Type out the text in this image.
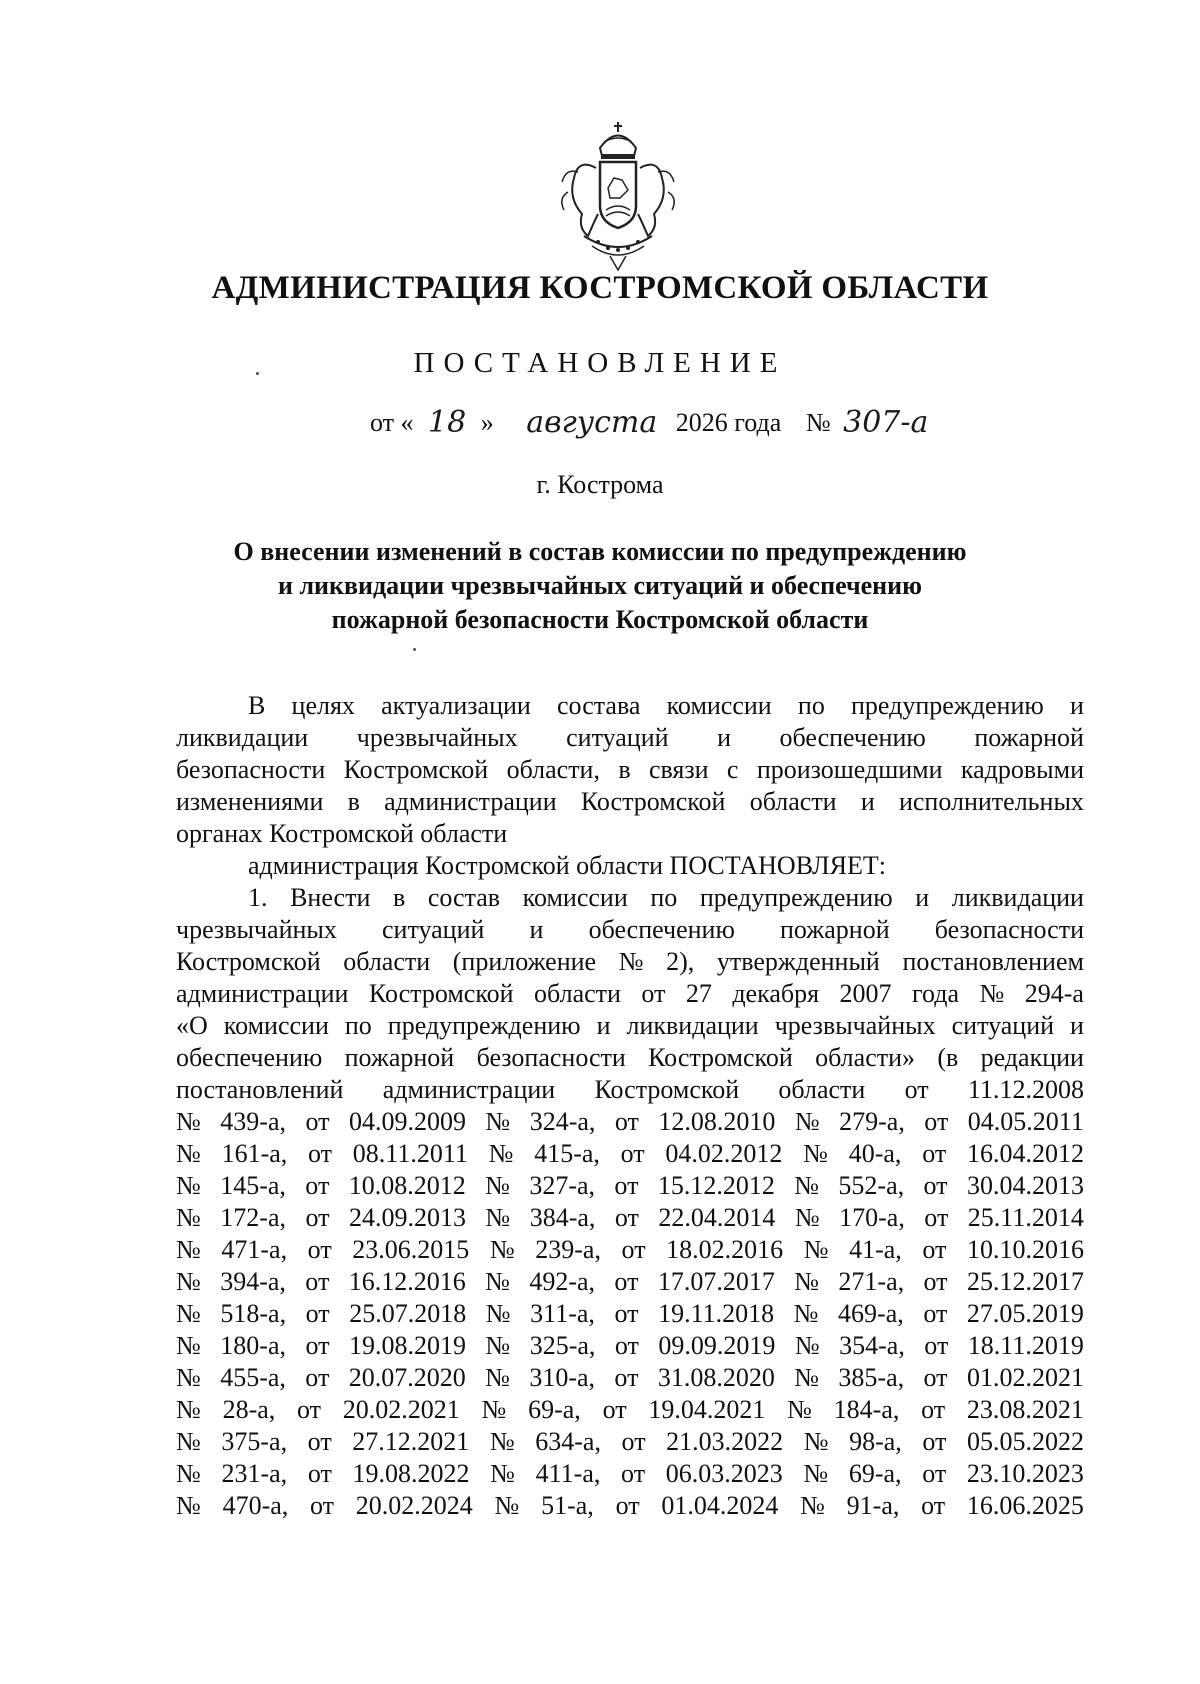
АДМИНИСТРАЦИЯ КОСТРОМСКОЙ ОБЛАСТИ
ПОСТАНОВЛЕНИЕ
от « 18 » августа 2026 года № 307-а
г. Кострома
О внесении изменений в состав комиссии по предупреждению
и ликвидации чрезвычайных ситуаций и обеспечению
пожарной безопасности Костромской области
В целях актуализации состава комиссии по предупреждению и
ликвидации чрезвычайных ситуаций и обеспечению пожарной
безопасности Костромской области, в связи с произошедшими кадровыми
изменениями в администрации Костромской области и исполнительных
органах Костромской области
администрация Костромской области ПОСТАНОВЛЯЕТ:
1. Внести в состав комиссии по предупреждению и ликвидации
чрезвычайных ситуаций и обеспечению пожарной безопасности
Костромской области (приложение № 2), утвержденный постановлением
администрации Костромской области от 27 декабря 2007 года № 294-а
«О комиссии по предупреждению и ликвидации чрезвычайных ситуаций и
обеспечению пожарной безопасности Костромской области» (в редакции
постановлений администрации Костромской области от 11.12.2008
№ 439-а, от 04.09.2009 № 324-а, от 12.08.2010 № 279-а, от 04.05.2011
№ 161-а, от 08.11.2011 № 415-а, от 04.02.2012 № 40-а, от 16.04.2012
№ 145-а, от 10.08.2012 № 327-а, от 15.12.2012 № 552-а, от 30.04.2013
№ 172-а, от 24.09.2013 № 384-а, от 22.04.2014 № 170-а, от 25.11.2014
№ 471-а, от 23.06.2015 № 239-а, от 18.02.2016 № 41-а, от 10.10.2016
№ 394-а, от 16.12.2016 № 492-а, от 17.07.2017 № 271-а, от 25.12.2017
№ 518-а, от 25.07.2018 № 311-а, от 19.11.2018 № 469-а, от 27.05.2019
№ 180-а, от 19.08.2019 № 325-а, от 09.09.2019 № 354-а, от 18.11.2019
№ 455-а, от 20.07.2020 № 310-а, от 31.08.2020 № 385-а, от 01.02.2021
№ 28-а, от 20.02.2021 № 69-а, от 19.04.2021 № 184-а, от 23.08.2021
№ 375-а, от 27.12.2021 № 634-а, от 21.03.2022 № 98-а, от 05.05.2022
№ 231-а, от 19.08.2022 № 411-а, от 06.03.2023 № 69-а, от 23.10.2023
№ 470-а, от 20.02.2024 № 51-а, от 01.04.2024 № 91-а, от 16.06.2025
